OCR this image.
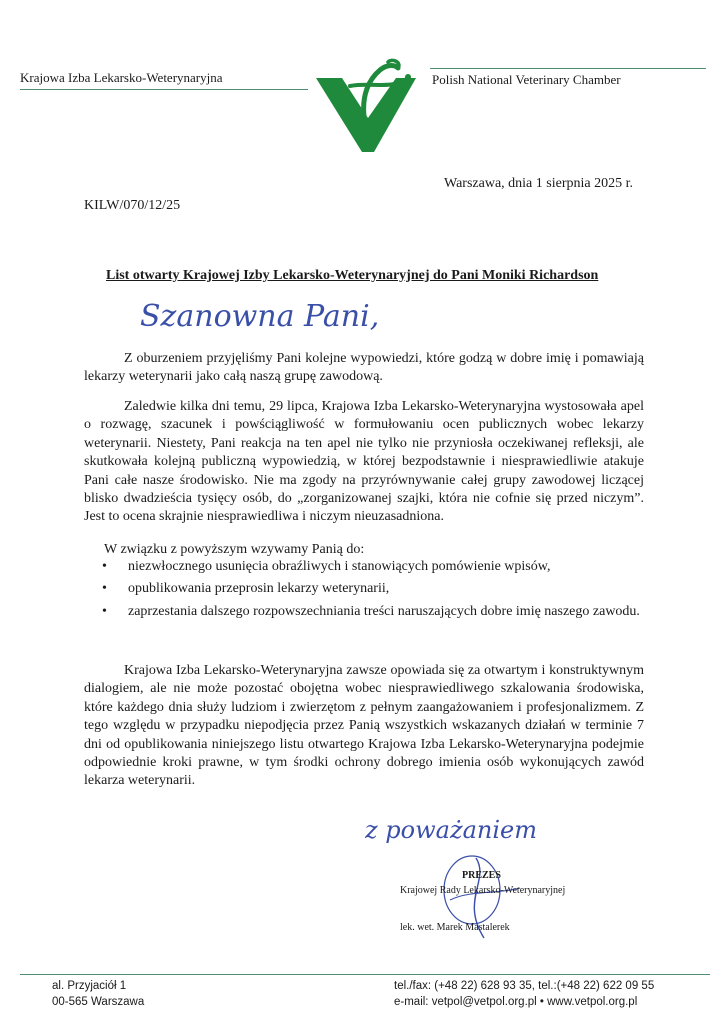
Krajowa Izba Lekarsko-Weterynaryjna	Polish National Veterinary Chamber
Warszawa, dnia 1 sierpnia 2025 r.
KILW/070/12/25
List otwarty Krajowej Izby Lekarsko-Weterynaryjnej do Pani Moniki Richardson
Szanowna Pani,

Z oburzeniem przyjęliśmy Pani kolejne wypowiedzi, które godzą w dobre imię i pomawiają lekarzy weterynarii jako całą naszą grupę zawodową.

Zaledwie kilka dni temu, 29 lipca, Krajowa Izba Lekarsko-Weterynaryjna wystosowała apel o rozwagę, szacunek i powściągliwość w formułowaniu ocen publicznych wobec lekarzy weterynarii. Niestety, Pani reakcja na ten apel nie tylko nie przyniosła oczekiwanej refleksji, ale skutkowała kolejną publiczną wypowiedzią, w której bezpodstawnie i niesprawiedliwie atakuje Pani całe nasze środowisko. Nie ma zgody na przyrównywanie całej grupy zawodowej liczącej blisko dwadzieścia tysięcy osób, do „zorganizowanej szajki, która nie cofnie się przed niczym”. Jest to ocena skrajnie niesprawiedliwa i niczym nieuzasadniona.

W związku z powyższym wzywamy Panią do:
• niezwłocznego usunięcia obraźliwych i stanowiących pomówienie wpisów,
• opublikowania przeprosin lekarzy weterynarii,
• zaprzestania dalszego rozpowszechniania treści naruszających dobre imię naszego zawodu.

Krajowa Izba Lekarsko-Weterynaryjna zawsze opowiada się za otwartym i konstruktywnym dialogiem, ale nie może pozostać obojętna wobec niesprawiedliwego szkalowania środowiska, które każdego dnia służy ludziom i zwierzętom z pełnym zaangażowaniem i profesjonalizmem. Z tego względu w przypadku niepodjęcia przez Panią wszystkich wskazanych działań w terminie 7 dni od opublikowania niniejszego listu otwartego Krajowa Izba Lekarsko-Weterynaryjna podejmie odpowiednie kroki prawne, w tym środki ochrony dobrego imienia osób wykonujących zawód lekarza weterynarii.

z poważaniem
PREZES
Krajowej Rady Lekarsko-Weterynaryjnej
lek. wet. Marek Mastalerek
al. Przyjaciół 1
00-565 Warszawa
tel./fax: (+48 22) 628 93 35, tel.:(+48 22) 622 09 55
e-mail: vetpol@vetpol.org.pl • www.vetpol.org.pl
